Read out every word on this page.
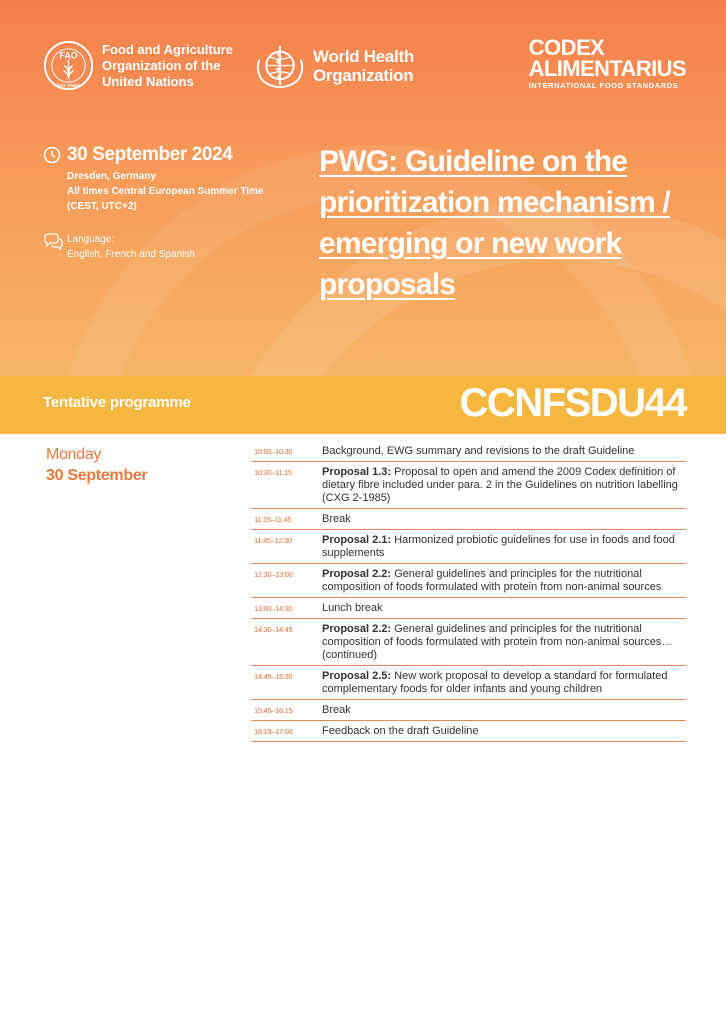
FAO
FIAT PANIS
Food and Agriculture
Organization of the
United Nations
World Health
Organization
CODEX
ALIMENTARIUS
INTERNATIONAL FOOD STANDARDS
30 September 2024
Dresden, Germany
All times Central European Summer Time
(CEST, UTC+2)
Language:
English, French and Spanish
PWG: Guideline on the prioritization mechanism / emerging or new work proposals
Tentative programme	CCNFSDU44
Monday
30 September
10:00–10:30	Background, EWG summary and revisions to the draft Guideline
10:30–11:15	Proposal 1.3: Proposal to open and amend the 2009 Codex definition of dietary fibre included under para. 2 in the Guidelines on nutrition labelling (CXG 2-1985)
11:15–11:45	Break
11:45–12:30	Proposal 2.1: Harmonized probiotic guidelines for use in foods and food supplements
12:30–13:00	Proposal 2.2: General guidelines and principles for the nutritional composition of foods formulated with protein from non-animal sources
13:00–14:30	Lunch break
14:30–14:45	Proposal 2.2: General guidelines and principles for the nutritional composition of foods formulated with protein from non-animal sources… (continued)
14:45–15:30	Proposal 2.5: New work proposal to develop a standard for formulated complementary foods for older infants and young children
15:45–16:15	Break
16:15–17:00	Feedback on the draft Guideline
